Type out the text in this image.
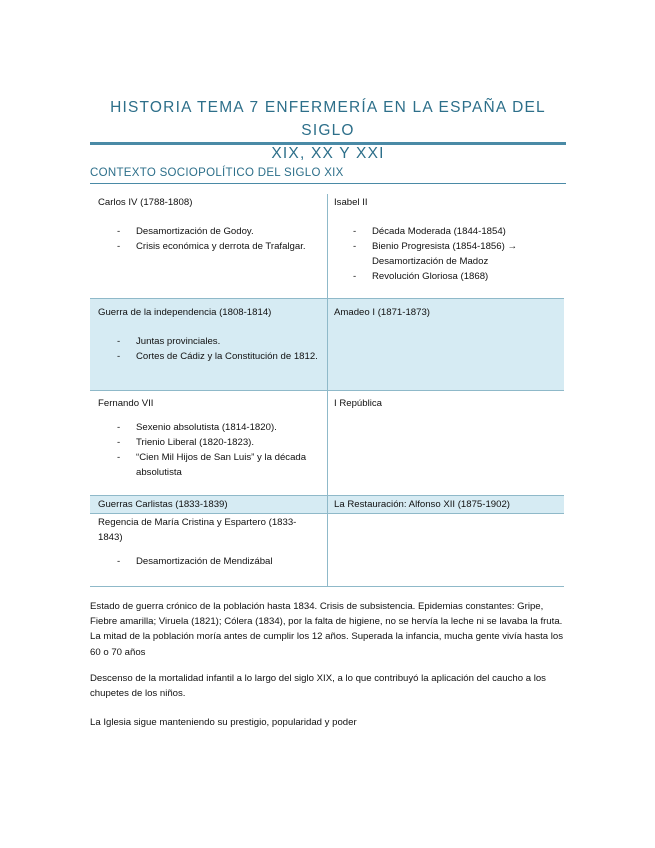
HISTORIA TEMA 7 ENFERMERÍA EN LA ESPAÑA DEL SIGLO
XIX, XX Y XXI
CONTEXTO SOCIOPOLÍTICO DEL SIGLO XIX

Carlos IV (1788-1808)

- Desamortización de Godoy.
- Crisis económica y derrota de Trafalgar.

Isabel II

- Década Moderada (1844-1854)
- Bienio Progresista (1854-1856) → Desamortización de Madoz
- Revolución Gloriosa (1868)

Guerra de la independencia (1808-1814)

- Juntas provinciales.
- Cortes de Cádiz y la Constitución de 1812.

Amadeo I (1871-1873)

Fernando VII

- Sexenio absolutista (1814-1820).
- Trienio Liberal (1820-1823).
- “Cien Mil Hijos de San Luis” y la década absolutista

I República

Guerras Carlistas (1833-1839)	La Restauración: Alfonso XII (1875-1902)

Regencia de María Cristina y Espartero (1833-1843)

- Desamortización de Mendizábal

Estado de guerra crónico de la población hasta 1834. Crisis de subsistencia. Epidemias constantes: Gripe, Fiebre amarilla; Viruela (1821); Cólera (1834), por la falta de higiene, no se hervía la leche ni se lavaba la fruta. La mitad de la población moría antes de cumplir los 12 años. Superada la infancia, mucha gente vivía hasta los 60 o 70 años

Descenso de la mortalidad infantil a lo largo del siglo XIX, a lo que contribuyó la aplicación del caucho a los chupetes de los niños.

La Iglesia sigue manteniendo su prestigio, popularidad y poder
